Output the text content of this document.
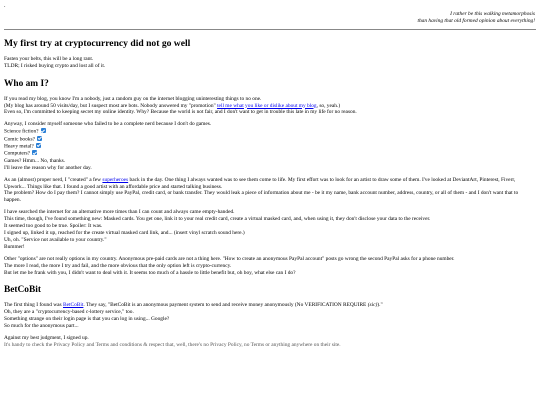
.
I rather be this walking metamorphosis
than having that old formed opinion about everything!
My first try at cryptocurrency did not go well

Fasten your belts, this will be a long rant.
TLDR; I risked buying crypto and lost all of it.

Who am I?

If you read my blog, you know I'm a nobody, just a random guy on the internet blogging uninteresting things to no one.
(My blog has around 50 visits/day, but I suspect most are bots. Nobody answered my "promotion" tell me what you like or dislike about my blog, so, yeah.)
Even so, I'm committed to keeping secret my online identity. Why? Because the world is not fair, and I don't want to get in trouble this late in my life for no reason.

Anyway, I consider myself someone who failed to be a complete nerd because I don't do games.
Science fiction?
Comic books?
Heavy metal?
Computers?
Games? Hmm... No, thanks.
I'll leave the reason why for another day.

As an (almost) proper nerd, I "created" a few superheroes back in the day. One thing I always wanted was to see them come to life. My first effort was to look for an artist to draw some of them. I've looked at DeviantArt, Pinterest, Fiverr, Upwork... Things like that. I found a good artist with an affordable price and started talking business.
The problem? How do I pay them? I cannot simply use PayPal, credit card, or bank transfer. They would leak a piece of information about me - be it my name, bank account number, address, country, or all of them - and I don't want that to happen.

I have searched the internet for an alternative more times than I can count and always came empty-handed.
This time, though, I've found something new: Masked cards. You get one, link it to your real credit card, create a virtual masked card, and, when using it, they don't disclose your data to the receiver.
It seemed too good to be true. Spoiler: It was.
I signed up, linked it up, reached for the create virtual masked card link, and... (insert vinyl scratch sound here.)
Uh, oh. "Service not available to your country."
Bummer!

Other "options" are not really options in my country. Anonymous pre-paid cards are not a thing here. "How to create an anonymous PayPal account" posts go wrong the second PayPal asks for a phone number.
The more I read, the more I try and fail, and the more obvious that the only option left is crypto-currency.
But let me be frank with you, I didn't want to deal with it. It seems too much of a hassle to little benefit but, oh boy, what else can I do?

BetCoBit

The first thing I found was BetCoBit. They say, "BetCoBit is an anonymous payment system to send and receive money anonymously (No VERIFICATION REQUIRE (sic))."
Oh, they are a "cryptocurrency-based c-lottery service," too.
Something strange on their login page is that you can log in using... Google?
So much for the anonymous part...

Against my best judgment, I signed up.
It's handy to check the Privacy Policy and Terms and conditions & respect that, well, there's no Privacy Policy, no Terms or anything anywhere on their site.
